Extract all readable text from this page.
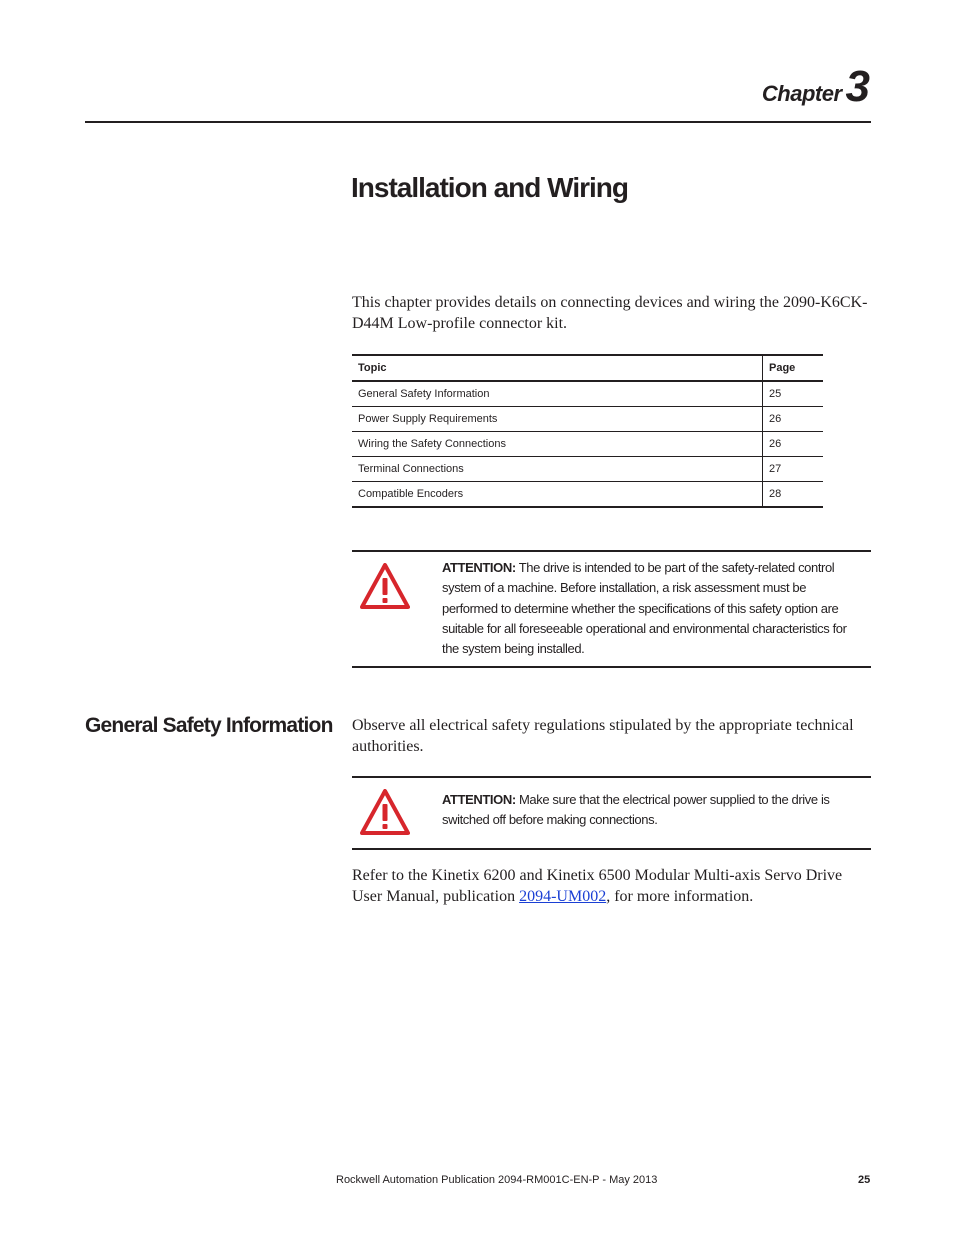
Chapter3
Installation and Wiring

This chapter provides details on connecting devices and wiring the 2090-K6CK-D44M Low-profile connector kit.

Topic	Page
General Safety Information	25
Power Supply Requirements	26
Wiring the Safety Connections	26
Terminal Connections	27
Compatible Encoders	28
ATTENTION: The drive is intended to be part of the safety-related control system of a machine. Before installation, a risk assessment must be performed to determine whether the specifications of this safety option are suitable for all foreseeable operational and environmental characteristics for the system being installed.
General Safety Information Observe all electrical safety regulations stipulated by the appropriate technical authorities.

ATTENTION: Make sure that the electrical power supplied to the drive is switched off before making connections.

Refer to the Kinetix 6200 and Kinetix 6500 Modular Multi-axis Servo Drive User Manual, publication 2094-UM002, for more information.

Rockwell Automation Publication 2094-RM001C-EN-P - May 2013	25
